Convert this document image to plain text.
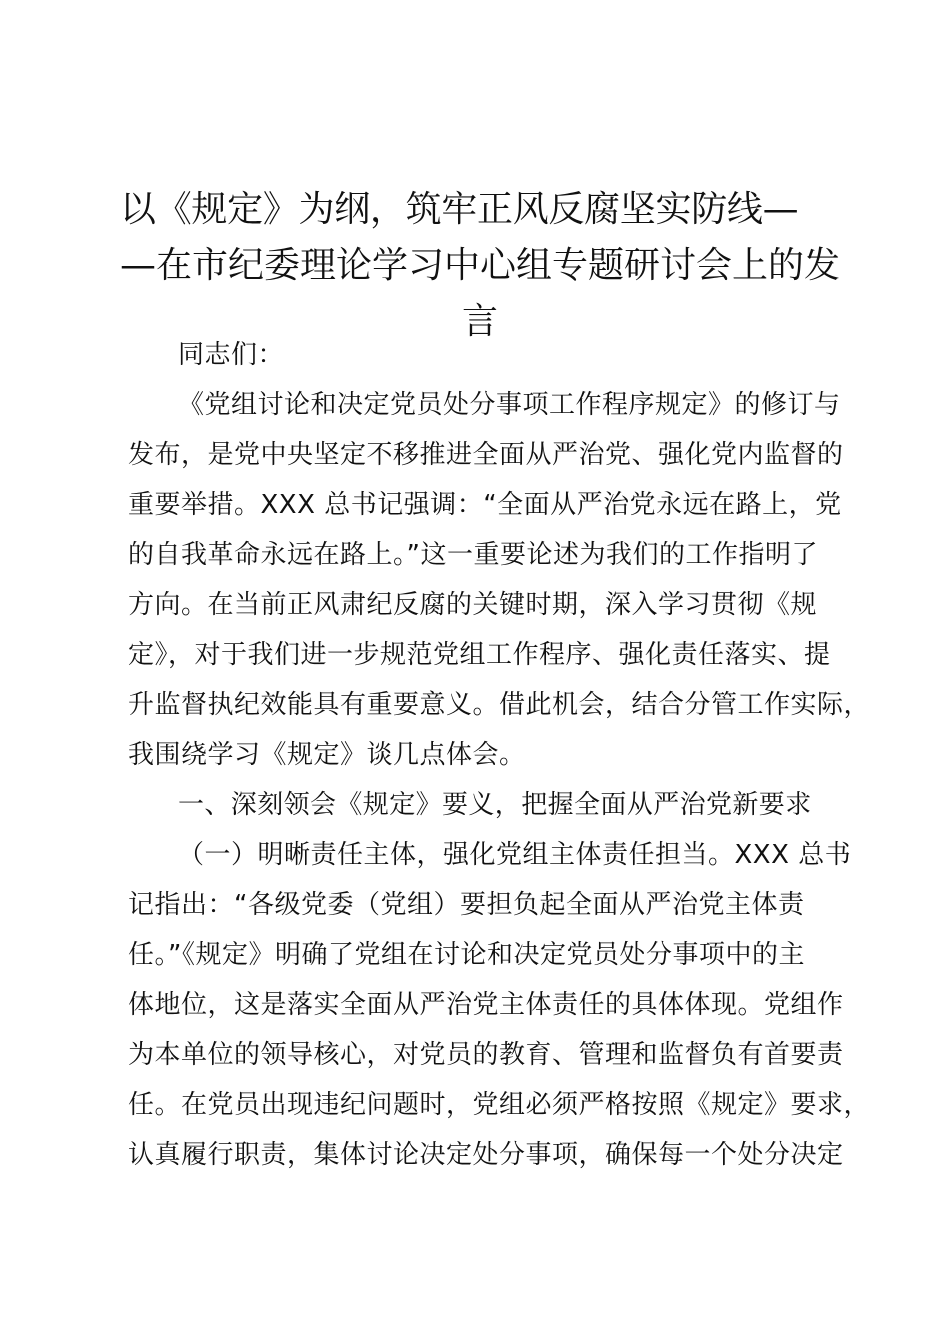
以《规定》为纲，筑牢正风反腐坚实防线—
—在市纪委理论学习中心组专题研讨会上的发
言
同志们：
《党组讨论和决定党员处分事项工作程序规定》的修订与
发布，是党中央坚定不移推进全面从严治党、强化党内监督的
重要举措。XXX 总书记强调：“全面从严治党永远在路上，党
的自我革命永远在路上。”这一重要论述为我们的工作指明了
方向。在当前正风肃纪反腐的关键时期，深入学习贯彻《规
定》，对于我们进一步规范党组工作程序、强化责任落实、提
升监督执纪效能具有重要意义。借此机会，结合分管工作实际，
我围绕学习《规定》谈几点体会。
一、深刻领会《规定》要义，把握全面从严治党新要求
（一）明晰责任主体，强化党组主体责任担当。XXX 总书
记指出：“各级党委（党组）要担负起全面从严治党主体责
任。”《规定》明确了党组在讨论和决定党员处分事项中的主
体地位，这是落实全面从严治党主体责任的具体体现。党组作
为本单位的领导核心，对党员的教育、管理和监督负有首要责
任。在党员出现违纪问题时，党组必须严格按照《规定》要求，
认真履行职责，集体讨论决定处分事项，确保每一个处分决定
